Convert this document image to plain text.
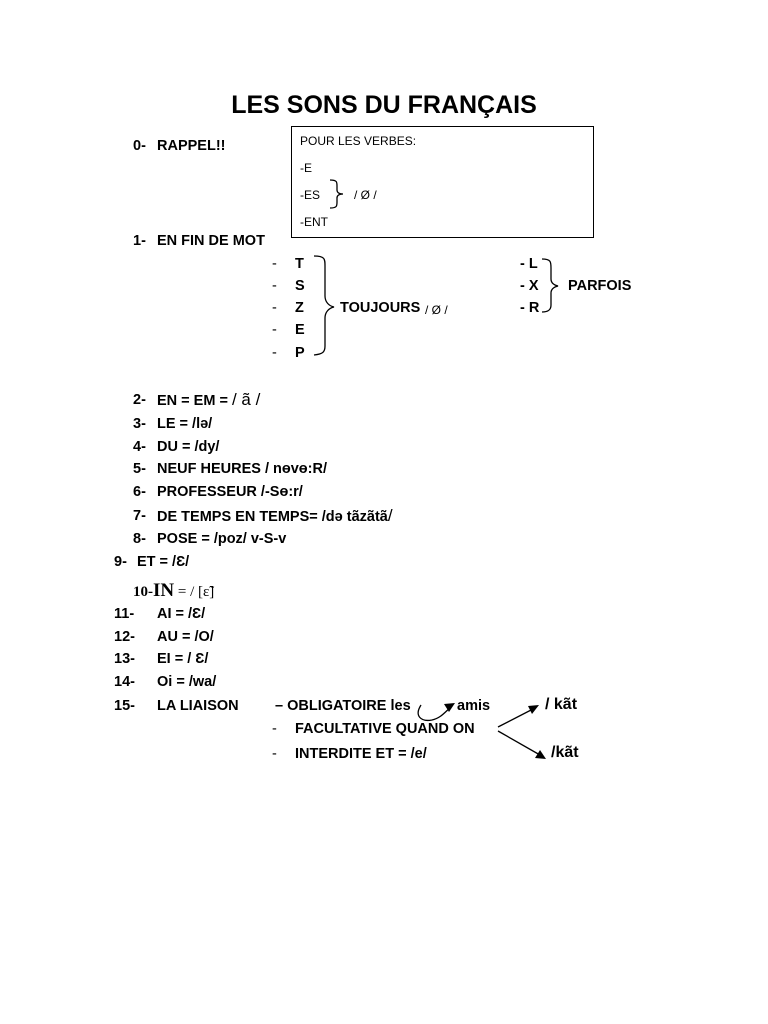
LES SONS DU FRANÇAIS
0- RAPPEL!!	POUR LES VERBES:
-E
-ES
-ENT
/ Ø /
1- EN FIN DE MOT
-
-
-
-
-
T
S
Z
E
P
TOUJOURS / Ø /
- L
- X
- R
PARFOIS
2- EN = EM = / ã /
3- LE = /lə/
4- DU = /dy/
5- NEUF HEURES / nɵvɵ:R/
6- PROFESSEUR /-Sɵ:r/
7- DE TEMPS EN TEMPS= /də tãzãtã/
8- POSE = /poz/ v-S-v
9- ET = /Ɛ/
10-IN = / [ɛ̃]
11- AI = /Ɛ/
12- AU = /O/
13- EI = / Ɛ/
14- Oi = /wa/
15- LA LIAISON	– OBLIGATOIRE les	amis
- FACULTATIVE QUAND ON
- INTERDITE ET = /e/
/ kãt
/kãt
